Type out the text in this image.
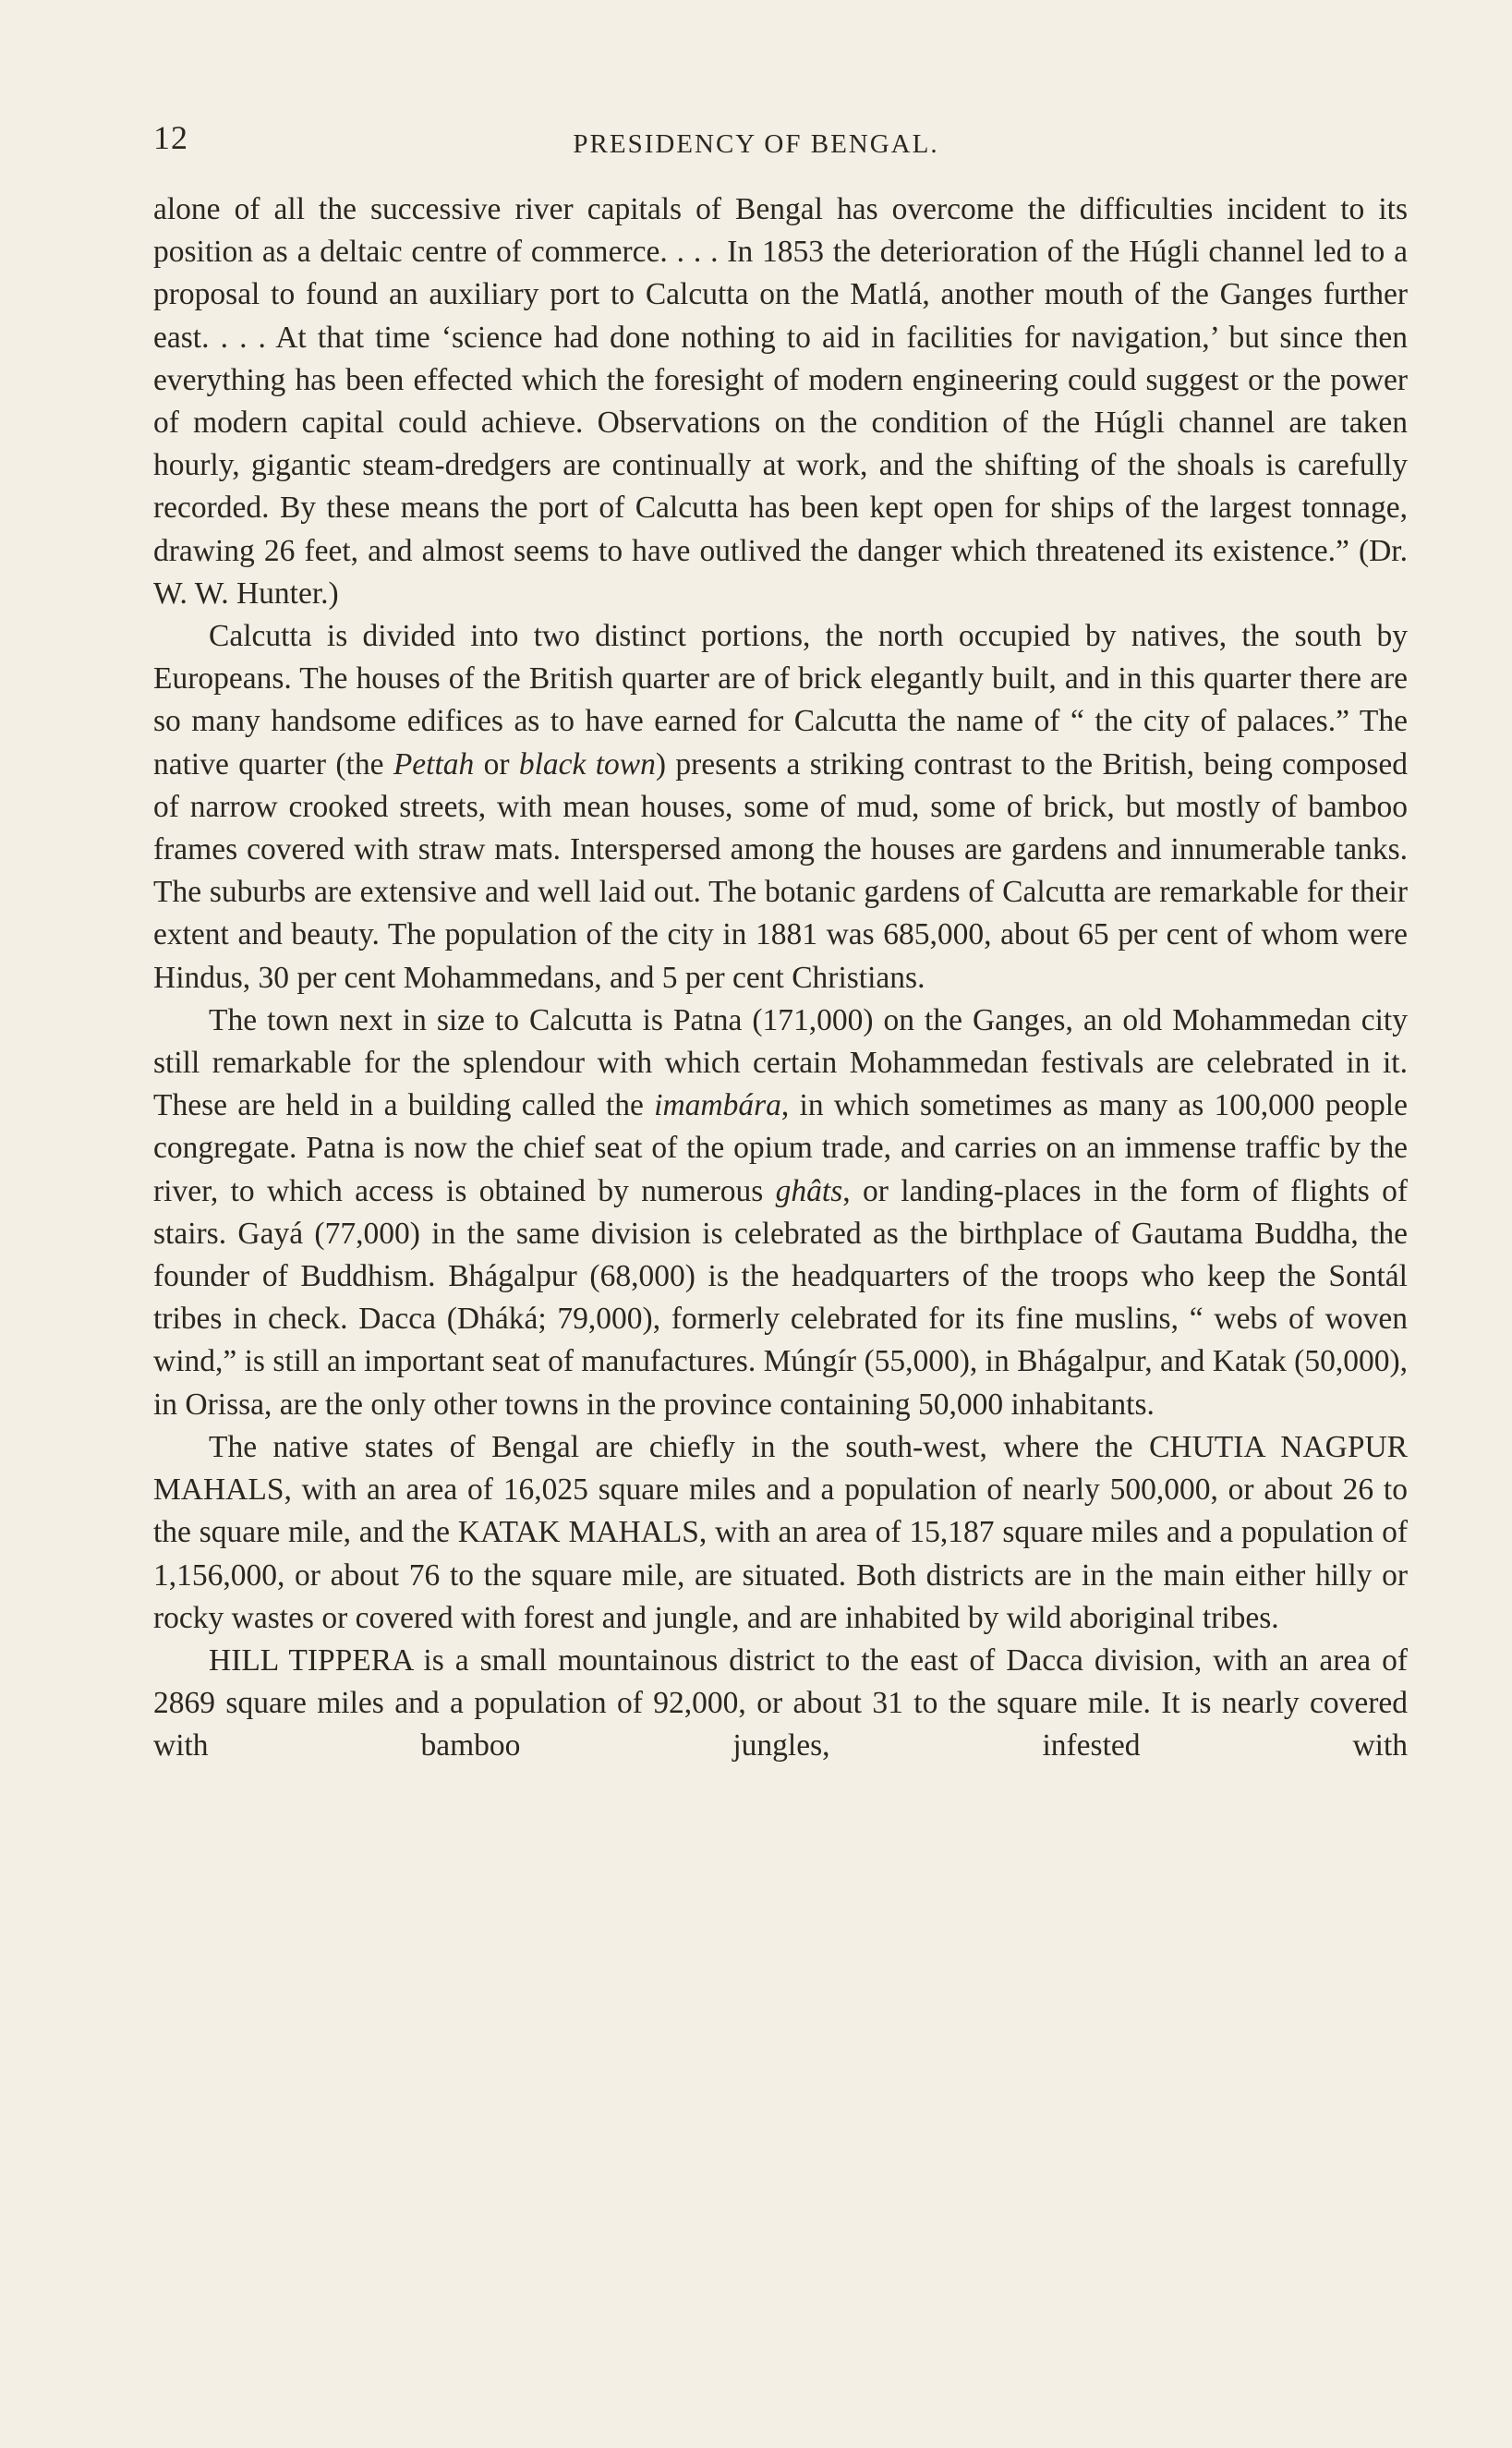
12	PRESIDENCY OF BENGAL.

alone of all the successive river capitals of Bengal has overcome the difficulties incident to its position as a deltaic centre of commerce. . . . In 1853 the deterioration of the Húgli channel led to a proposal to found an auxiliary port to Calcutta on the Matlá, another mouth of the Ganges further east. . . . At that time ‘science had done nothing to aid in facilities for navigation,’ but since then everything has been effected which the foresight of modern engineering could suggest or the power of modern capital could achieve. Observations on the condition of the Húgli channel are taken hourly, gigantic steam-dredgers are continually at work, and the shifting of the shoals is carefully recorded. By these means the port of Calcutta has been kept open for ships of the largest tonnage, drawing 26 feet, and almost seems to have outlived the danger which threatened its existence.” (Dr. W. W. Hunter.)

Calcutta is divided into two distinct portions, the north occupied by natives, the south by Europeans. The houses of the British quarter are of brick elegantly built, and in this quarter there are so many handsome edifices as to have earned for Calcutta the name of “ the city of palaces.” The native quarter (the Pettah or black town) presents a striking contrast to the British, being composed of narrow crooked streets, with mean houses, some of mud, some of brick, but mostly of bamboo frames covered with straw mats. Interspersed among the houses are gardens and innumerable tanks. The suburbs are extensive and well laid out. The botanic gardens of Calcutta are remarkable for their extent and beauty. The population of the city in 1881 was 685,000, about 65 per cent of whom were Hindus, 30 per cent Mohammedans, and 5 per cent Christians.

The town next in size to Calcutta is Patna (171,000) on the Ganges, an old Mohammedan city still remarkable for the splendour with which certain Mohammedan festivals are celebrated in it. These are held in a building called the imambára, in which sometimes as many as 100,000 people congregate. Patna is now the chief seat of the opium trade, and carries on an immense traffic by the river, to which access is obtained by numerous ghâts, or landing-places in the form of flights of stairs. Gayá (77,000) in the same division is celebrated as the birthplace of Gautama Buddha, the founder of Buddhism. Bhágalpur (68,000) is the headquarters of the troops who keep the Sontál tribes in check. Dacca (Dháká; 79,000), formerly celebrated for its fine muslins, “ webs of woven wind,” is still an important seat of manufactures. Múngír (55,000), in Bhágalpur, and Katak (50,000), in Orissa, are the only other towns in the province containing 50,000 inhabitants.

The native states of Bengal are chiefly in the south-west, where the CHUTIA NAGPUR MAHALS, with an area of 16,025 square miles and a population of nearly 500,000, or about 26 to the square mile, and the KATAK MAHALS, with an area of 15,187 square miles and a population of 1,156,000, or about 76 to the square mile, are situated. Both districts are in the main either hilly or rocky wastes or covered with forest and jungle, and are inhabited by wild aboriginal tribes.

HILL TIPPERA is a small mountainous district to the east of Dacca division, with an area of 2869 square miles and a population of 92,000, or about 31 to the square mile. It is nearly covered with bamboo jungles, infested with
